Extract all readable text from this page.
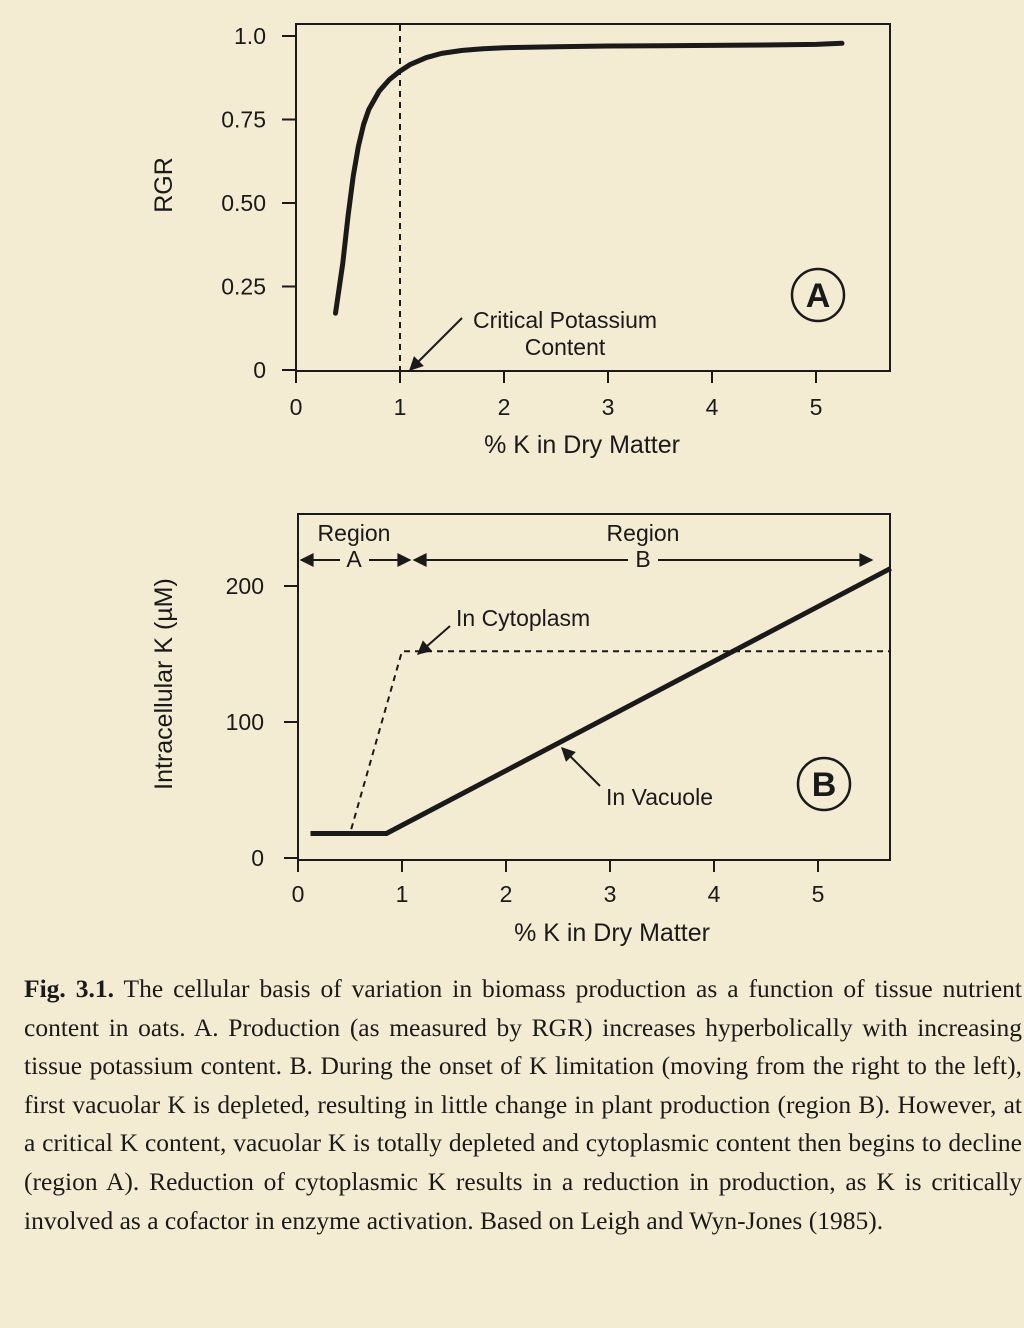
0
0.25
0.50
0.75
1.0
0	1	2	3	4	5
RGR
% K in Dry Matter
Critical Potassium
Content
A
0
100
200
0	1	2	3	4	5
Intracellular K (µM)
% K in Dry Matter
Region
A
Region
B
In Cytoplasm
In Vacuole	B
Fig. 3.1. The cellular basis of variation in biomass production as a function of tissue nutrient content in oats. A. Production (as measured by RGR) increases hyperbolically with increasing tissue potassium content. B. During the onset of K limitation (moving from the right to the left), first vacuolar K is depleted, resulting in little change in plant production (region B). However, at a critical K content, vacuolar K is totally depleted and cytoplasmic content then begins to decline (region A). Reduction of cytoplasmic K results in a reduction in production, as K is critically involved as a cofactor in enzyme activation. Based on Leigh and Wyn-Jones (1985).
